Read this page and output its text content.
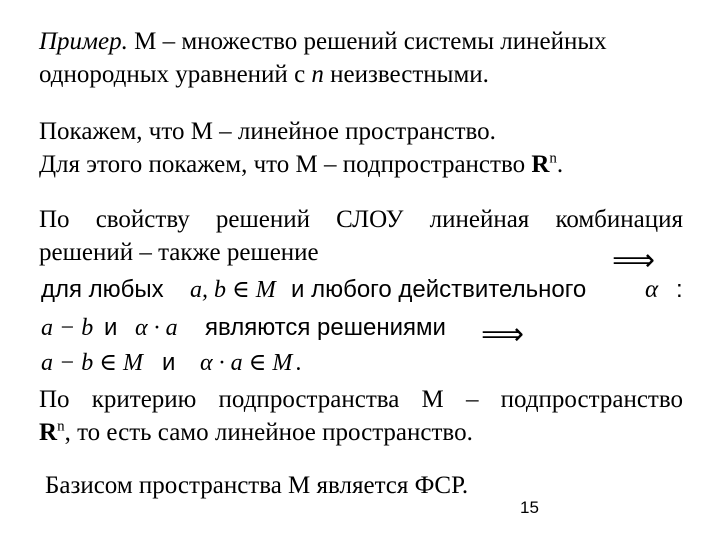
Пример. М – множество решений системы линейных
однородных уравнений с n неизвестными.
Покажем, что М – линейное пространство.
Для этого покажем, что М – подпространство $R^n$.
По свойству решений СЛОУ линейная комбинация
решений – также решение	⟹
для любых a, b ∈ M и любого действительного α :
a − b и α · a являются решениями ⟹
a − b ∈ M и α · a ∈ M .
По критерию подпространства М – подпространство
$R^n$, то есть само линейное пространство.
Базисом пространства М является ФСР.
15
